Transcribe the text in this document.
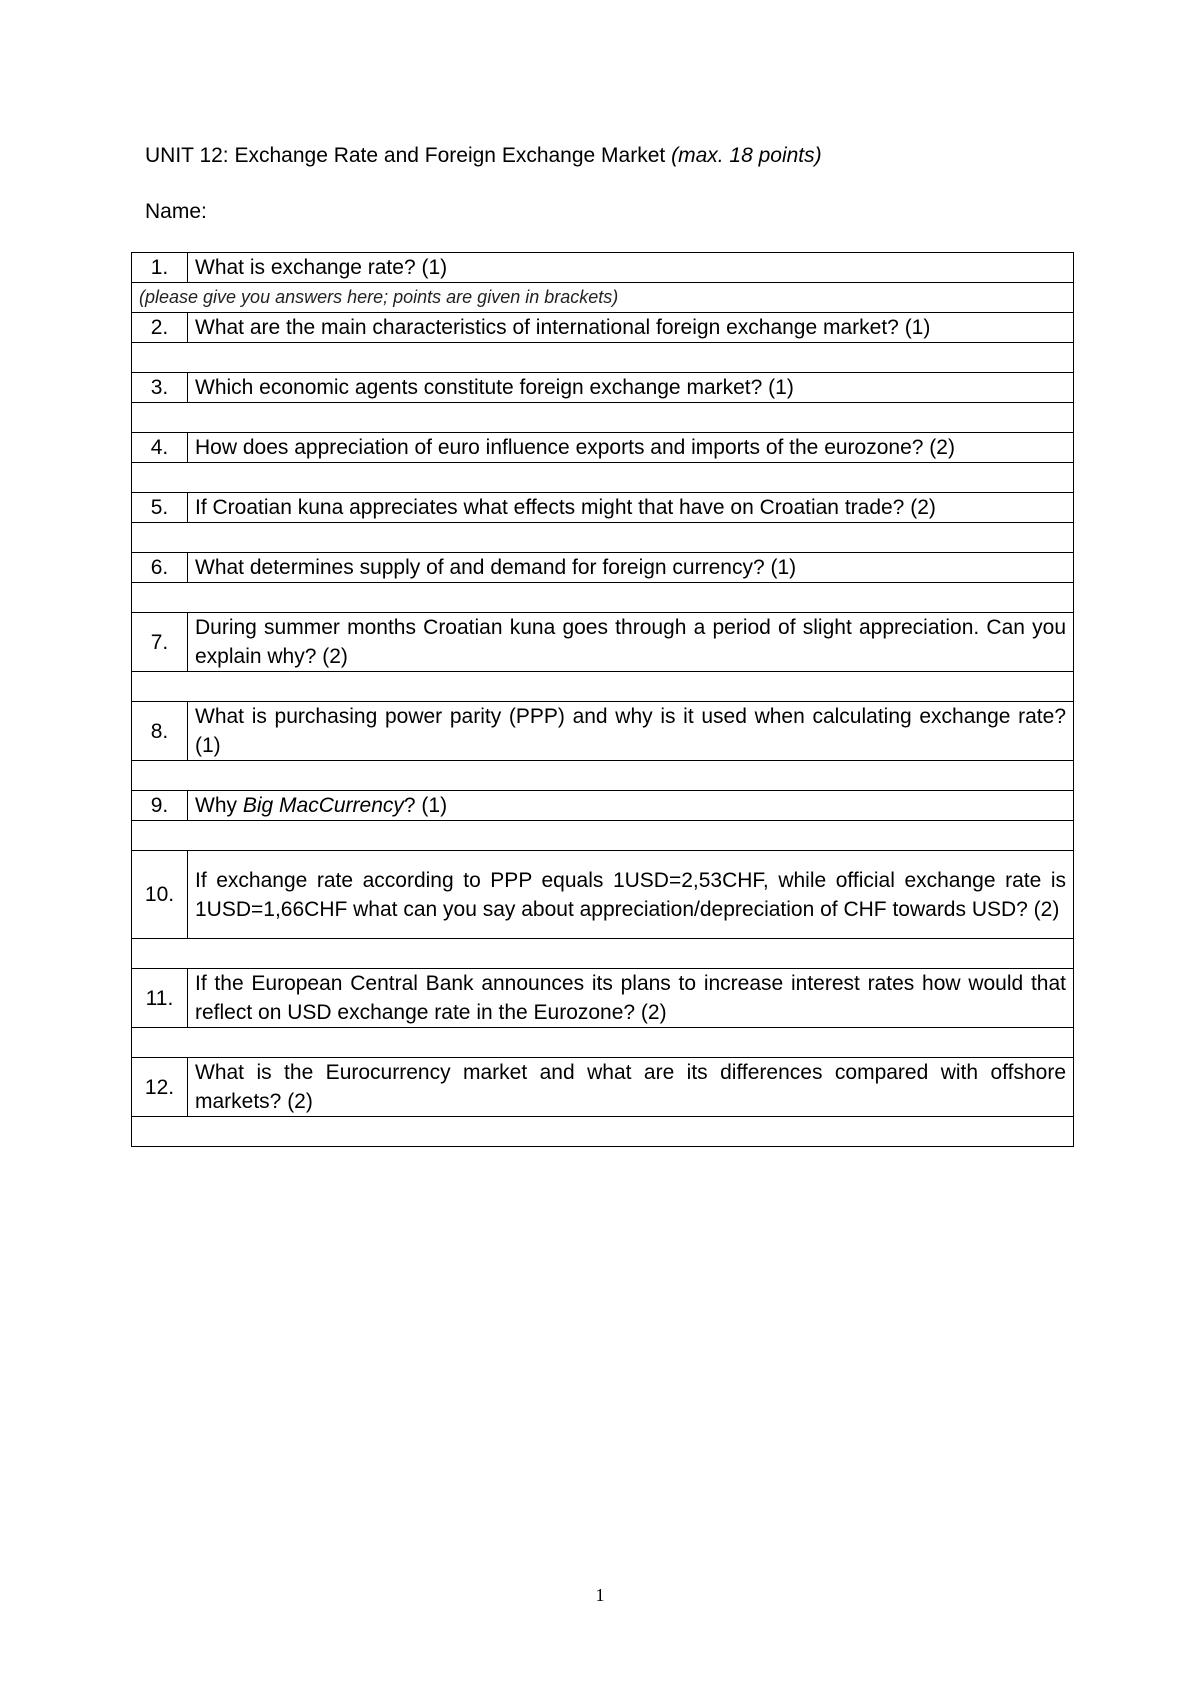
UNIT 12: Exchange Rate and Foreign Exchange Market (max. 18 points)
Name:
1.	What is exchange rate? (1)
(please give you answers here; points are given in brackets)	
2.	What are the main characteristics of international foreign exchange market? (1)

3.	Which economic agents constitute foreign exchange market? (1)

4.	How does appreciation of euro influence exports and imports of the eurozone? (2)

5.	If Croatian kuna appreciates what effects might that have on Croatian trade? (2)

6.	What determines supply of and demand for foreign currency? (1)

7.	During summer months Croatian kuna goes through a period of slight appreciation. Can you explain why? (2)

8.	What is purchasing power parity (PPP) and why is it used when calculating exchange rate? (1)

9.	Why Big MacCurrency? (1)

10.	If exchange rate according to PPP equals 1USD=2,53CHF, while official exchange rate is 1USD=1,66CHF what can you say about appreciation/depreciation of CHF towards USD? (2)

11.	If the European Central Bank announces its plans to increase interest rates how would that reflect on USD exchange rate in the Eurozone? (2)

12.	What is the Eurocurrency market and what are its differences compared with offshore markets? (2)

1
